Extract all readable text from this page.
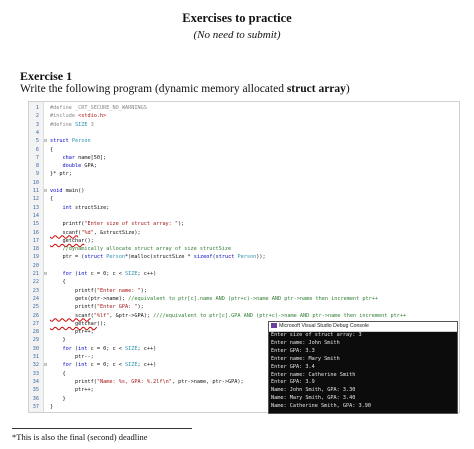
Exercises to practice
(No need to submit)
Exercise 1
Write the following program (dynamic memory allocated struct array)
1 #define _CRT_SECURE_NO_WARNINGS
2 #include <stdio.h>
3 #define SIZE 3
4
5 ⊟ struct Person
6 {
7 char name[50];
8 double GPA;
9 }* ptr;
10
11 ⊟ void main()
12 {
13 int structSize;
14
15 printf("Enter size of struct array: ");
16 scanf("%d", &structSize);
17 getchar();
18 //dynamically allocate struct array of size structSize
19 ptr = (struct Person*)malloc(structSize * sizeof(struct Person));
20
21 ⊟ for (int c = 0; c < SIZE; c++)
22 {
23 printf("Enter name: ");
24 gets(ptr->name); //equivalent to ptr[c].name AND (ptr+c)->name AND ptr->name then increment ptr++
25 printf("Enter GPA: ");
26 scanf("%lf", &ptr->GPA); ////equivalent to ptr[c].GPA AND (ptr+c)->name AND ptr->name then increment ptr++
27 getchar();
28 ptr++;
29 }
30 for (int c = 0; c < SIZE; c++)
31 ptr--;
32 ⊟ for (int c = 0; c < SIZE; c++)
33 {
34 printf("Name: %s, GPA: %.2lf\n", ptr->name, ptr->GPA);
35 ptr++;
36 }
37 }
Microsoft Visual Studio Debug Console
Enter size of struct array: 3
Enter name: John Smith
Enter GPA: 3.3
Enter name: Mary Smith
Enter GPA: 3.4
Enter name: Catherine Smith
Enter GPA: 3.9
Name: John Smith, GPA: 3.30
Name: Mary Smith, GPA: 3.40
Name: Catherine Smith, GPA: 3.90
*This is also the final (second) deadline
